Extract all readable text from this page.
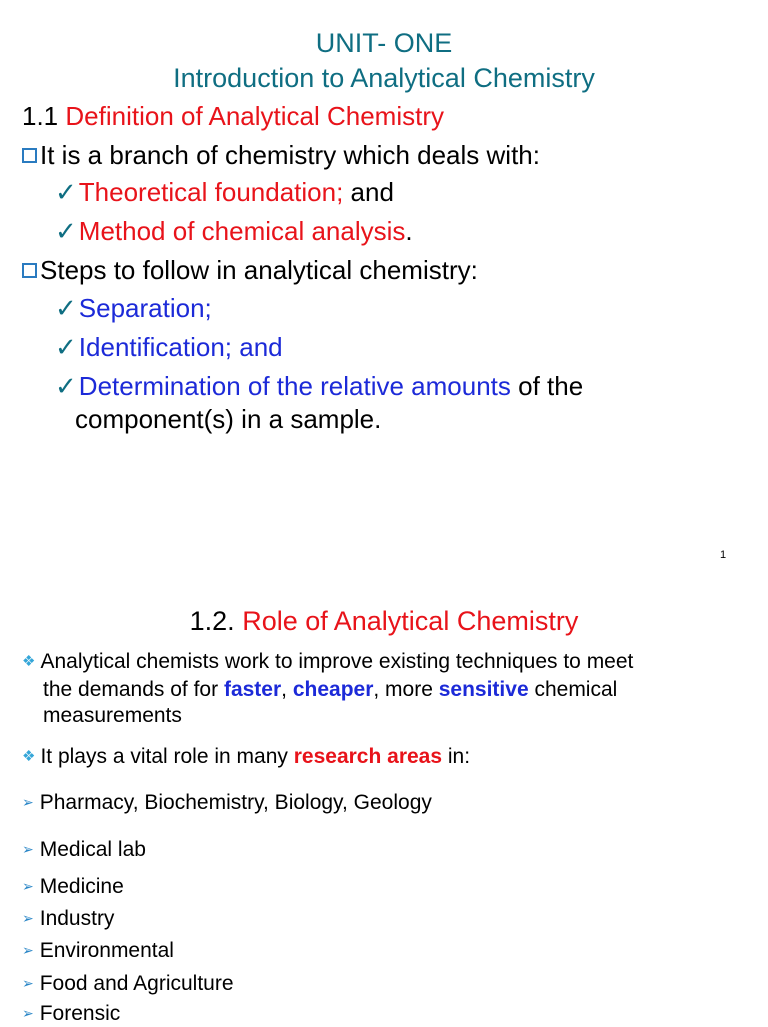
UNIT- ONE
Introduction to Analytical Chemistry
1.1 Definition of Analytical Chemistry
It is a branch of chemistry which deals with:
✓Theoretical foundation; and
✓Method of chemical analysis.
Steps to follow in analytical chemistry:
✓Separation;
✓Identification; and
✓Determination of the relative amounts of the
component(s) in a sample.
1
1.2. Role of Analytical Chemistry
❖ Analytical chemists work to improve existing techniques to meet
the demands of for faster, cheaper, more sensitive chemical
measurements
❖ It plays a vital role in many research areas in:
➢ Pharmacy, Biochemistry, Biology, Geology
➢ Medical lab
➢ Medicine
➢ Industry
➢ Environmental
➢ Food and Agriculture
➢ Forensic
